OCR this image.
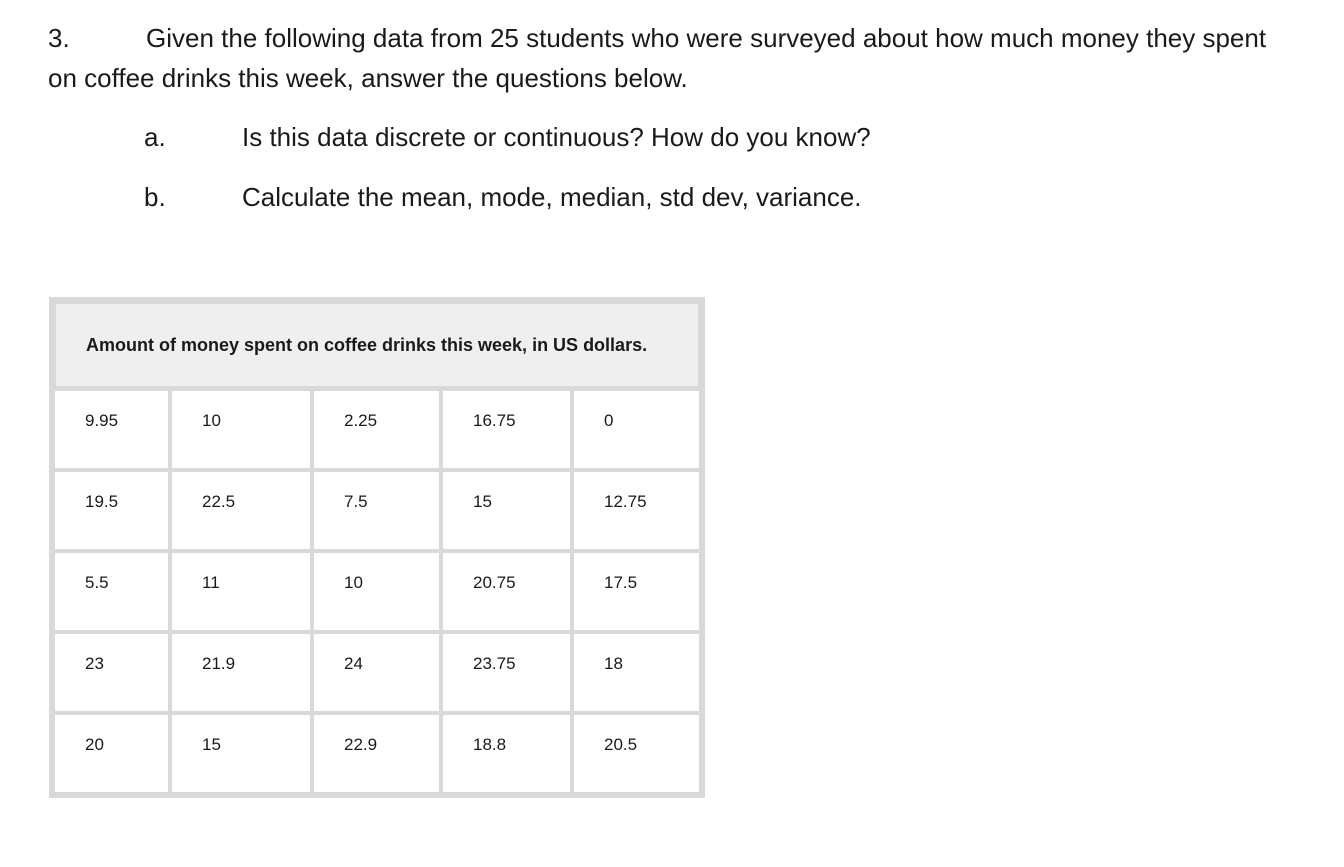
3.	Given the following data from 25 students who were surveyed about how much money they spent on coffee drinks this week, answer the questions below.
a.	Is this data discrete or continuous? How do you know?
b.	Calculate the mean, mode, median, std dev, variance.
Amount of money spent on coffee drinks this week, in US dollars.				
9.95	10	2.25	16.75	0
19.5	22.5	7.5	15	12.75
5.5	11	10	20.75	17.5
23	21.9	24	23.75	18
20	15	22.9	18.8	20.5
